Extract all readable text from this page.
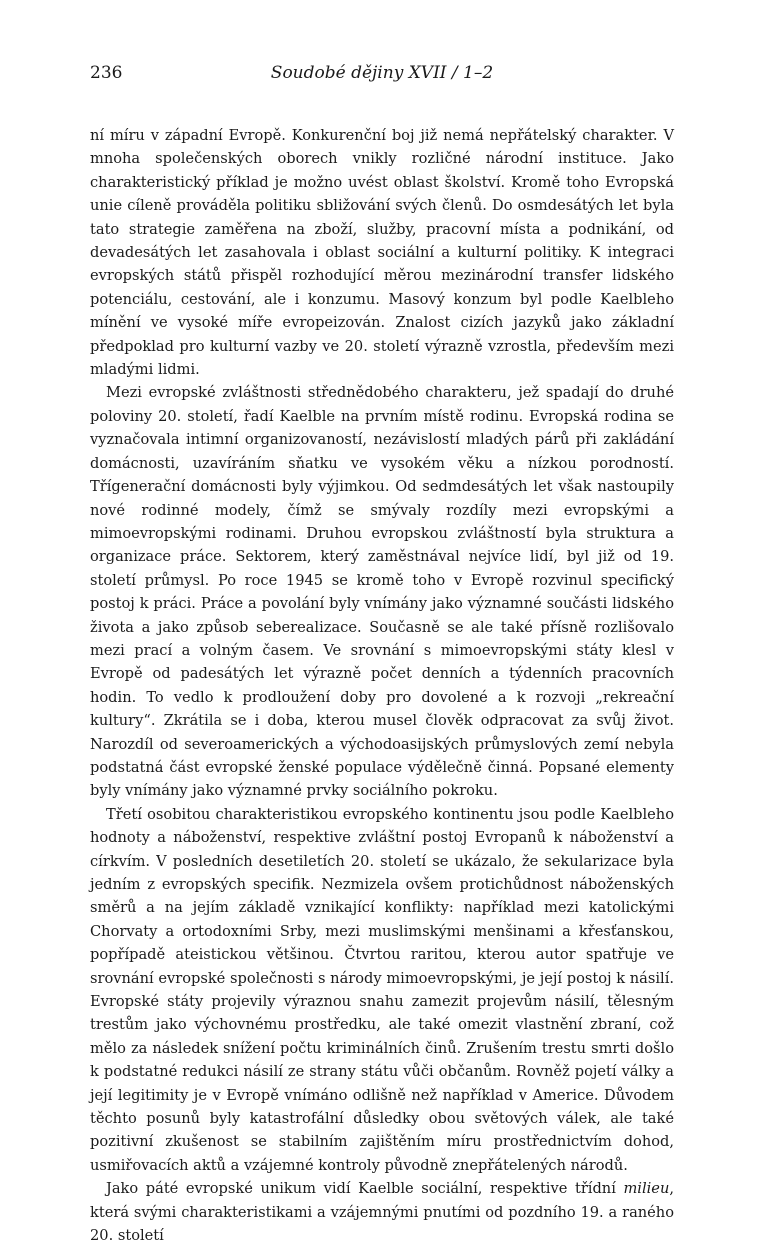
236	Soudobé dějiny XVII / 1–2

ní míru v západní Evropě. Konkurenční boj již nemá nepřátelský charakter. V mnoha společenských oborech vnikly rozličné národní instituce. Jako charakteristický příklad je možno uvést oblast školství. Kromě toho Evropská unie cíleně prováděla politiku sbližování svých členů. Do osmdesátých let byla tato strategie zaměřena na zboží, služby, pracovní místa a podnikání, od devadesátých let zasahovala i oblast sociální a kulturní politiky. K integraci evropských států přispěl rozhodující měrou mezinárodní transfer lidského potenciálu, cestování, ale i konzumu. Masový konzum byl podle Kaelbleho mínění ve vysoké míře evropeizován. Znalost cizích jazyků jako základní předpoklad pro kulturní vazby ve 20. století výrazně vzrostla, především mezi mladými lidmi.

Mezi evropské zvláštnosti střednědobého charakteru, jež spadají do druhé poloviny 20. století, řadí Kaelble na prvním místě rodinu. Evropská rodina se vyznačovala intimní organizovaností, nezávislostí mladých párů při zakládání domácnosti, uzavíráním sňatku ve vysokém věku a nízkou porodností. Třígenerační domácnosti byly výjimkou. Od sedmdesátých let však nastoupily nové rodinné modely, čímž se smývaly rozdíly mezi evropskými a mimoevropskými rodinami. Druhou evropskou zvláštností byla struktura a organizace práce. Sektorem, který zaměstnával nejvíce lidí, byl již od 19. století průmysl. Po roce 1945 se kromě toho v Evropě rozvinul specifický postoj k práci. Práce a povolání byly vnímány jako významné součásti lidského života a jako způsob seberealizace. Současně se ale také přísně rozlišovalo mezi prací a volným časem. Ve srovnání s mimoevropskými státy klesl v Evropě od padesátých let výrazně počet denních a týdenních pracovních hodin. To vedlo k prodloužení doby pro dovolené a k rozvoji „rekreační kultury“. Zkrátila se i doba, kterou musel člověk odpracovat za svůj život. Narozdíl od severoamerických a východoasijských průmyslových zemí nebyla podstatná část evropské ženské populace výdělečně činná. Popsané elementy byly vnímány jako významné prvky sociálního pokroku.

Třetí osobitou charakteristikou evropského kontinentu jsou podle Kaelbleho hodnoty a náboženství, respektive zvláštní postoj Evropanů k náboženství a církvím. V posledních desetiletích 20. století se ukázalo, že sekularizace byla jedním z evropských specifik. Nezmizela ovšem protichůdnost náboženských směrů a na jejím základě vznikající konflikty: například mezi katolickými Chorvaty a ortodoxními Srby, mezi muslimskými menšinami a křesťanskou, popřípadě ateistickou většinou. Čtvrtou raritou, kterou autor spatřuje ve srovnání evropské společnosti s národy mimoevropskými, je její postoj k násilí. Evropské státy projevily výraznou snahu zamezit projevům násilí, tělesným trestům jako výchovnému prostředku, ale také omezit vlastnění zbraní, což mělo za následek snížení počtu kriminálních činů. Zrušením trestu smrti došlo k podstatné redukci násilí ze strany státu vůči občanům. Rovněž pojetí války a její legitimity je v Evropě vnímáno odlišně než například v Americe. Důvodem těchto posunů byly katastrofální důsledky obou světových válek, ale také pozitivní zkušenost se stabilním zajištěním míru prostřednictvím dohod, usmiřovacích aktů a vzájemné kontroly původně znepřátelených národů.

Jako páté evropské unikum vidí Kaelble sociální, respektive třídní milieu, která svými charakteristikami a vzájemnými pnutími od pozdního 19. a raného 20. století
